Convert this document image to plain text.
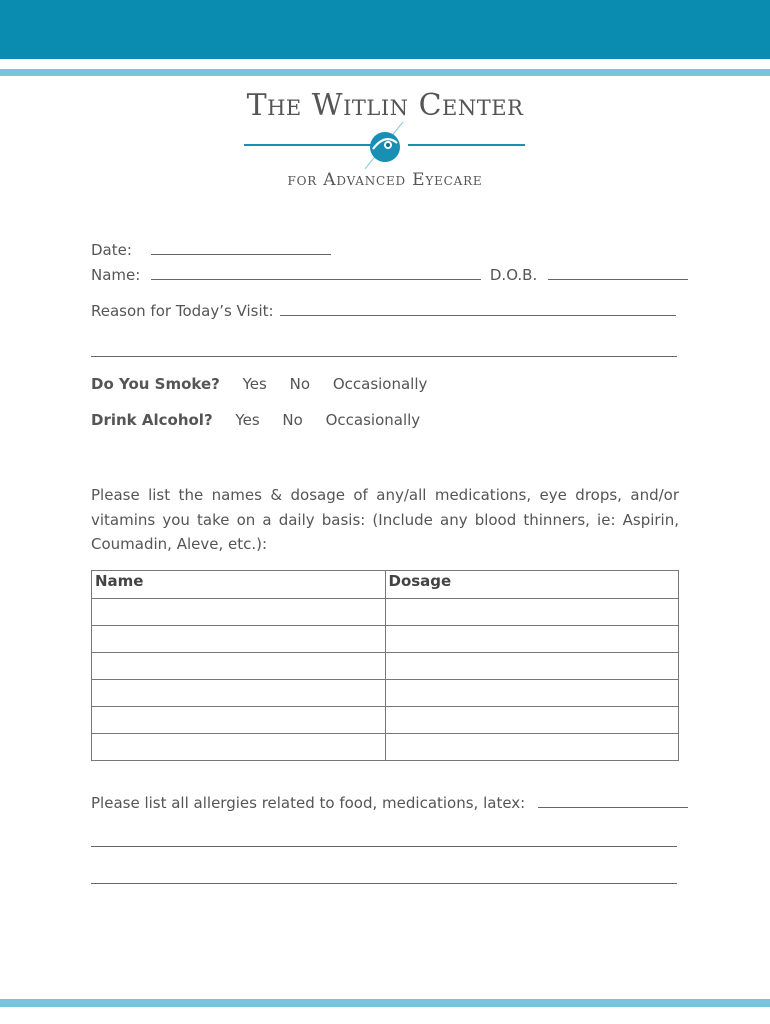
The Witlin Center
for Advanced Eyecare
Date:
Name:	D.O.B.
Reason for Today’s Visit:
Do You Smoke? Yes No Occasionally
Drink Alcohol? Yes No Occasionally
Please list the names & dosage of any/all medications, eye drops, and/or vitamins you take on a daily basis: (Include any blood thinners, ie: Aspirin, Coumadin, Aleve, etc.):
Name	Dosage

Please list all allergies related to food, medications, latex:
